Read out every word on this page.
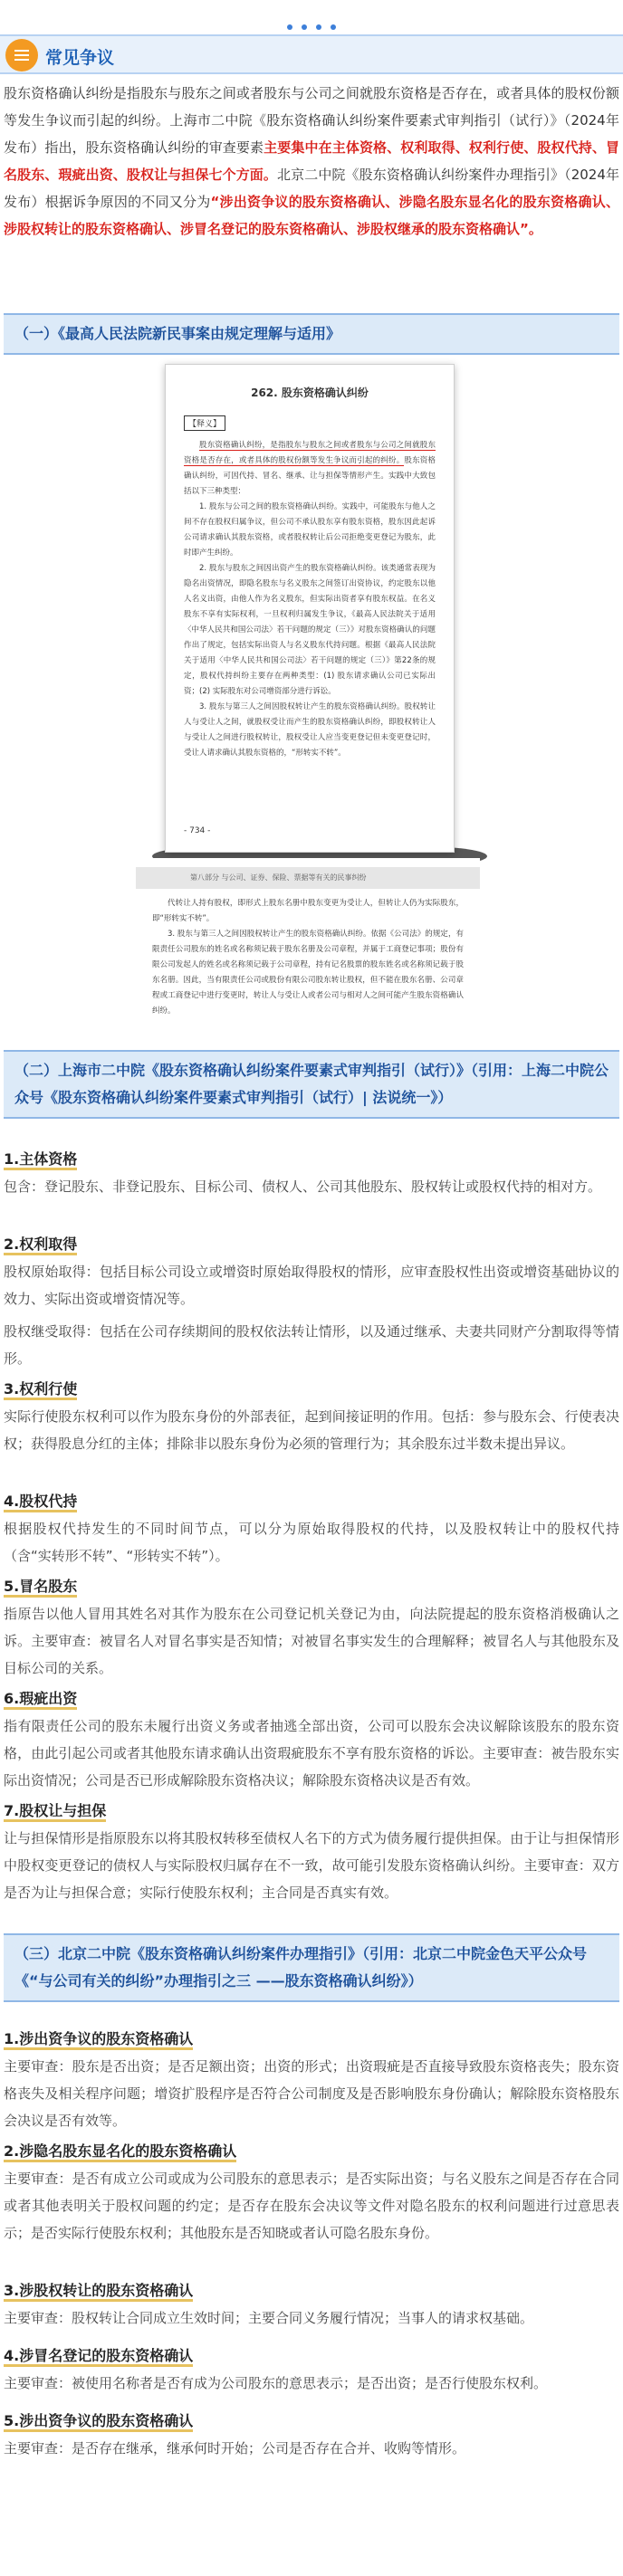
常见争议
股东资格确认纠纷是指股东与股东之间或者股东与公司之间就股东资格是否存在，或者具体的股权份额等发生争议而引起的纠纷。上海市二中院《股东资格确认纠纷案件要素式审判指引（试行）》（2024年发布）指出，股东资格确认纠纷的审查要素主要集中在主体资格、权利取得、权利行使、股权代持、冒名股东、瑕疵出资、股权让与担保七个方面。北京二中院《股东资格确认纠纷案件办理指引》（2024年发布）根据诉争原因的不同又分为“涉出资争议的股东资格确认、涉隐名股东显名化的股东资格确认、涉股权转让的股东资格确认、涉冒名登记的股东资格确认、涉股权继承的股东资格确认”。
（一）《最高人民法院新民事案由规定理解与适用》
262. 股东资格确认纠纷
【释义】

股东资格确认纠纷，是指股东与股东之间或者股东与公司之间就股东资格是否存在，或者具体的股权份额等发生争议而引起的纠纷。股东资格确认纠纷，可因代持、冒名、继承、让与担保等情形产生。实践中大致包括以下三种类型：

1. 股东与公司之间的股东资格确认纠纷。实践中，可能股东与他人之间不存在股权归属争议，但公司不承认股东享有股东资格，股东因此起诉公司请求确认其股东资格，或者股权转让后公司拒绝变更登记为股东，此时即产生纠纷。

2. 股东与股东之间因出资产生的股东资格确认纠纷。该类通常表现为隐名出资情况，即隐名股东与名义股东之间签订出资协议，约定股东以他人名义出资，由他人作为名义股东，但实际出资者享有股东权益。在名义股东不享有实际权利，一旦权利归属发生争议，《最高人民法院关于适用〈中华人民共和国公司法〉若干问题的规定（三）》对股东资格确认的问题作出了规定，包括实际出资人与名义股东代持问题。根据《最高人民法院关于适用〈中华人民共和国公司法〉若干问题的规定（三）》第22条的规定，股权代持纠纷主要存在两种类型：(1) 股东请求确认公司已实际出资；(2) 实际股东对公司增资部分进行诉讼。

3. 股东与第三人之间因股权转让产生的股东资格确认纠纷。股权转让人与受让人之间，就股权受让而产生的股东资格确认纠纷，即股权转让人与受让人之间进行股权转让，股权受让人应当变更登记但未变更登记时，受让人请求确认其股东资格的，“形转实不转”。

- 734 -
第八部分 与公司、证券、保险、票据等有关的民事纠纷

代转让人持有股权，即形式上股东名册中股东变更为受让人，但转让人仍为实际股东，即“形转实不转”。

3. 股东与第三人之间因股权转让产生的股东资格确认纠纷。依据《公司法》的规定，有限责任公司股东的姓名或名称须记载于股东名册及公司章程，并属于工商登记事项；股份有限公司发起人的姓名或名称须记载于公司章程，持有记名股票的股东姓名或名称须记载于股东名册。因此，当有限责任公司或股份有限公司股东转让股权，但不能在股东名册、公司章程或工商登记中进行变更时，转让人与受让人或者公司与相对人之间可能产生股东资格确认纠纷。

（二）上海市二中院《股东资格确认纠纷案件要素式审判指引（试行）》（引用：上海二中院公众号《股东资格确认纠纷案件要素式审判指引（试行）| 法说统一》）
1.主体资格
包含：登记股东、非登记股东、目标公司、债权人、公司其他股东、股权转让或股权代持的相对方。
2.权利取得
股权原始取得：包括目标公司设立或增资时原始取得股权的情形，应审查股权性出资或增资基础协议的效力、实际出资或增资情况等。
股权继受取得：包括在公司存续期间的股权依法转让情形，以及通过继承、夫妻共同财产分割取得等情形。
3.权利行使
实际行使股东权利可以作为股东身份的外部表征，起到间接证明的作用。包括：参与股东会、行使表决权；获得股息分红的主体；排除非以股东身份为必须的管理行为；其余股东过半数未提出异议。
4.股权代持
根据股权代持发生的不同时间节点，可以分为原始取得股权的代持，以及股权转让中的股权代持（含“实转形不转”、“形转实不转”）。
5.冒名股东
指原告以他人冒用其姓名对其作为股东在公司登记机关登记为由，向法院提起的股东资格消极确认之诉。主要审查：被冒名人对冒名事实是否知情；对被冒名事实发生的合理解释；被冒名人与其他股东及目标公司的关系。
6.瑕疵出资
指有限责任公司的股东未履行出资义务或者抽逃全部出资，公司可以股东会决议解除该股东的股东资格，由此引起公司或者其他股东请求确认出资瑕疵股东不享有股东资格的诉讼。主要审查：被告股东实际出资情况；公司是否已形成解除股东资格决议；解除股东资格决议是否有效。
7.股权让与担保
让与担保情形是指原股东以将其股权转移至债权人名下的方式为债务履行提供担保。由于让与担保情形中股权变更登记的债权人与实际股权归属存在不一致，故可能引发股东资格确认纠纷。主要审查：双方是否为让与担保合意；实际行使股东权利；主合同是否真实有效。
（三）北京二中院《股东资格确认纠纷案件办理指引》（引用：北京二中院金色天平公众号《“与公司有关的纠纷”办理指引之三 ——股东资格确认纠纷》）
1.涉出资争议的股东资格确认
主要审查：股东是否出资；是否足额出资；出资的形式；出资瑕疵是否直接导致股东资格丧失；股东资格丧失及相关程序问题；增资扩股程序是否符合公司制度及是否影响股东身份确认；解除股东资格股东会决议是否有效等。
2.涉隐名股东显名化的股东资格确认
主要审查：是否有成立公司或成为公司股东的意思表示；是否实际出资；与名义股东之间是否存在合同或者其他表明关于股权问题的约定；是否存在股东会决议等文件对隐名股东的权利问题进行过意思表示；是否实际行使股东权利；其他股东是否知晓或者认可隐名股东身份。
3.涉股权转让的股东资格确认
主要审查：股权转让合同成立生效时间；主要合同义务履行情况；当事人的请求权基础。
4.涉冒名登记的股东资格确认
主要审查：被使用名称者是否有成为公司股东的意思表示；是否出资；是否行使股东权利。
5.涉出资争议的股东资格确认
主要审查：是否存在继承，继承何时开始；公司是否存在合并、收购等情形。
